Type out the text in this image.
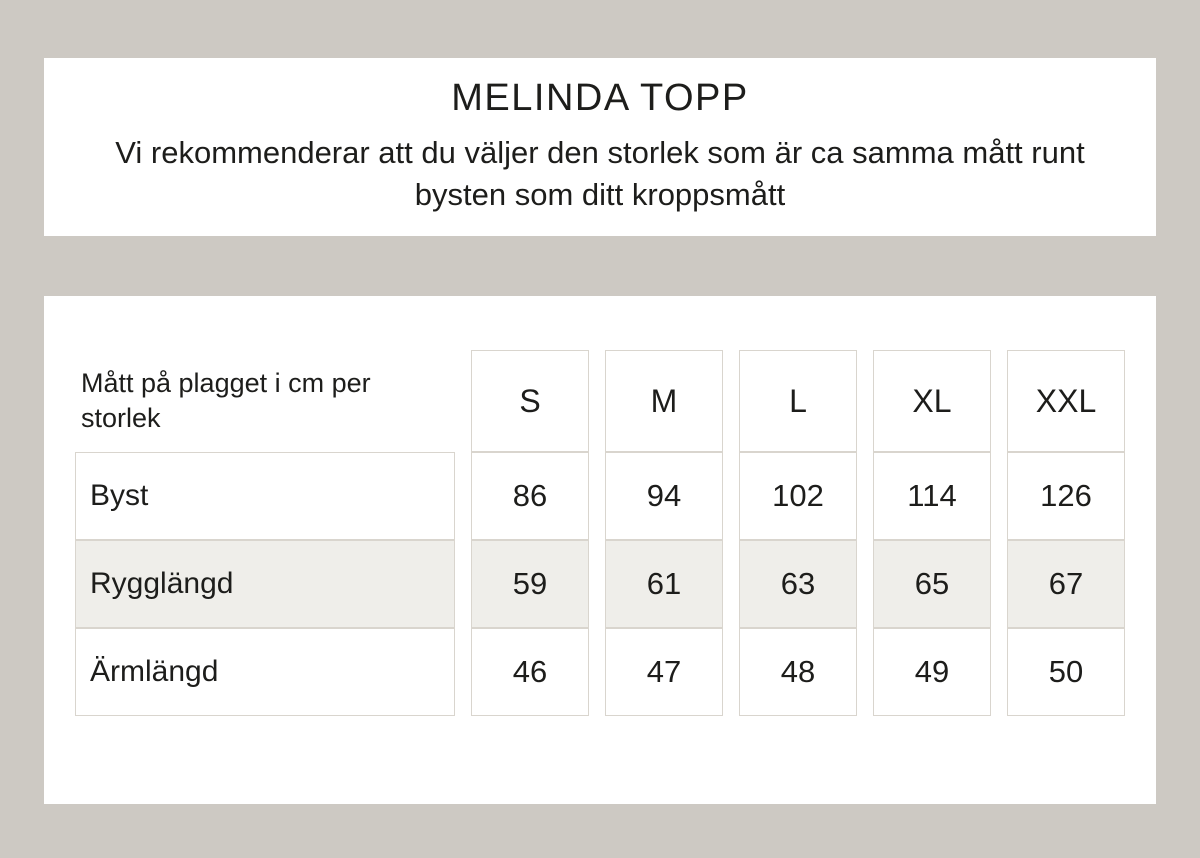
MELINDA TOPP
Vi rekommenderar att du väljer den storlek som är ca samma mått runt bysten som ditt kroppsmått
Mått på plagget i cm per storlek		S		M		L		XL		XXL
Byst		86		94		102		114		126
Rygglängd		59		61		63		65		67
Ärmlängd		46		47		48		49		50
